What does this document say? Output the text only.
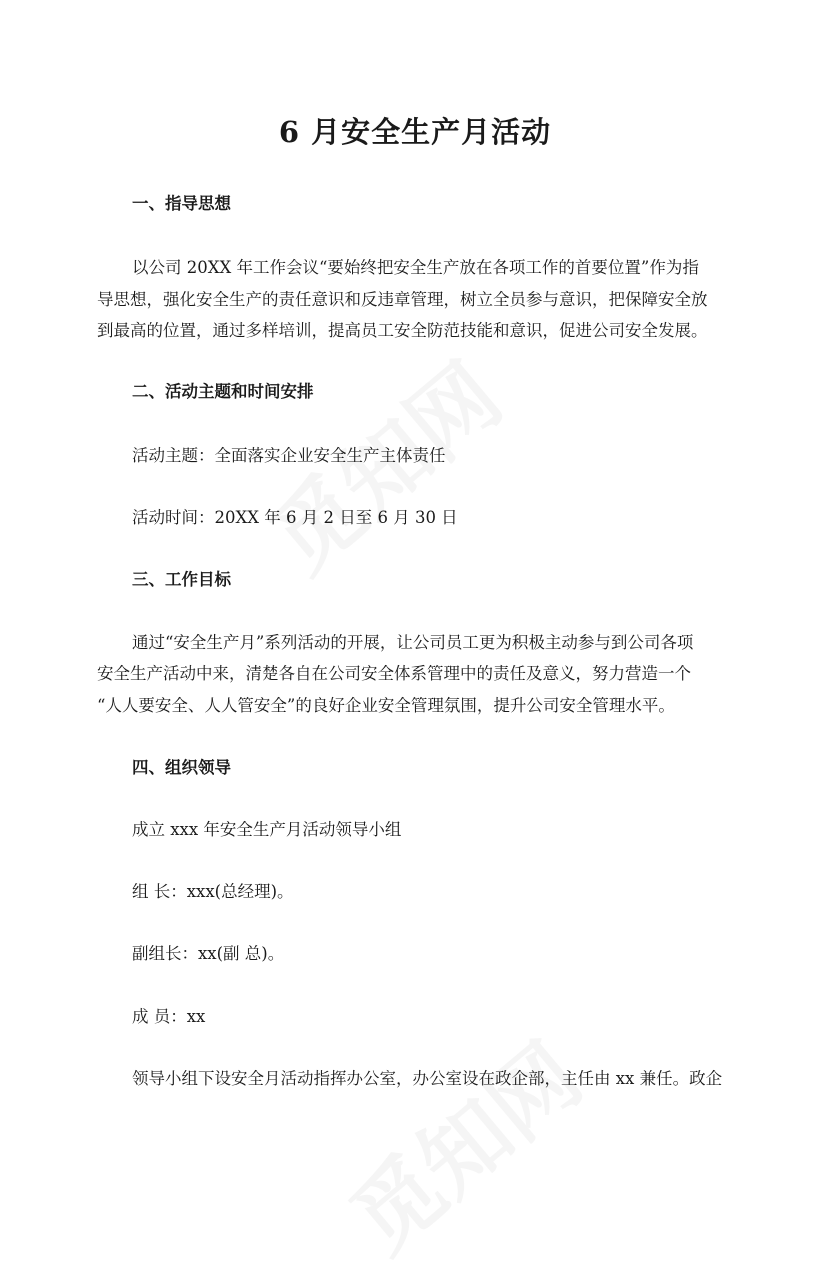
6 月安全生产月活动

一、指导思想

以公司 20XX 年工作会议“要始终把安全生产放在各项工作的首要位置”作为指

导思想，强化安全生产的责任意识和反违章管理，树立全员参与意识，把保障安全放

到最高的位置，通过多样培训，提高员工安全防范技能和意识，促进公司安全发展。

二、活动主题和时间安排

活动主题：全面落实企业安全生产主体责任

活动时间：20XX 年 6 月 2 日至 6 月 30 日

三、工作目标

通过“安全生产月”系列活动的开展，让公司员工更为积极主动参与到公司各项

安全生产活动中来，清楚各自在公司安全体系管理中的责任及意义，努力营造一个

“人人要安全、人人管安全”的良好企业安全管理氛围，提升公司安全管理水平。

四、组织领导

成立 xxx 年安全生产月活动领导小组

组 长：xxx(总经理)。

副组长：xx(副 总)。

成 员：xx

领导小组下设安全月活动指挥办公室，办公室设在政企部，主任由 xx 兼任。政企
